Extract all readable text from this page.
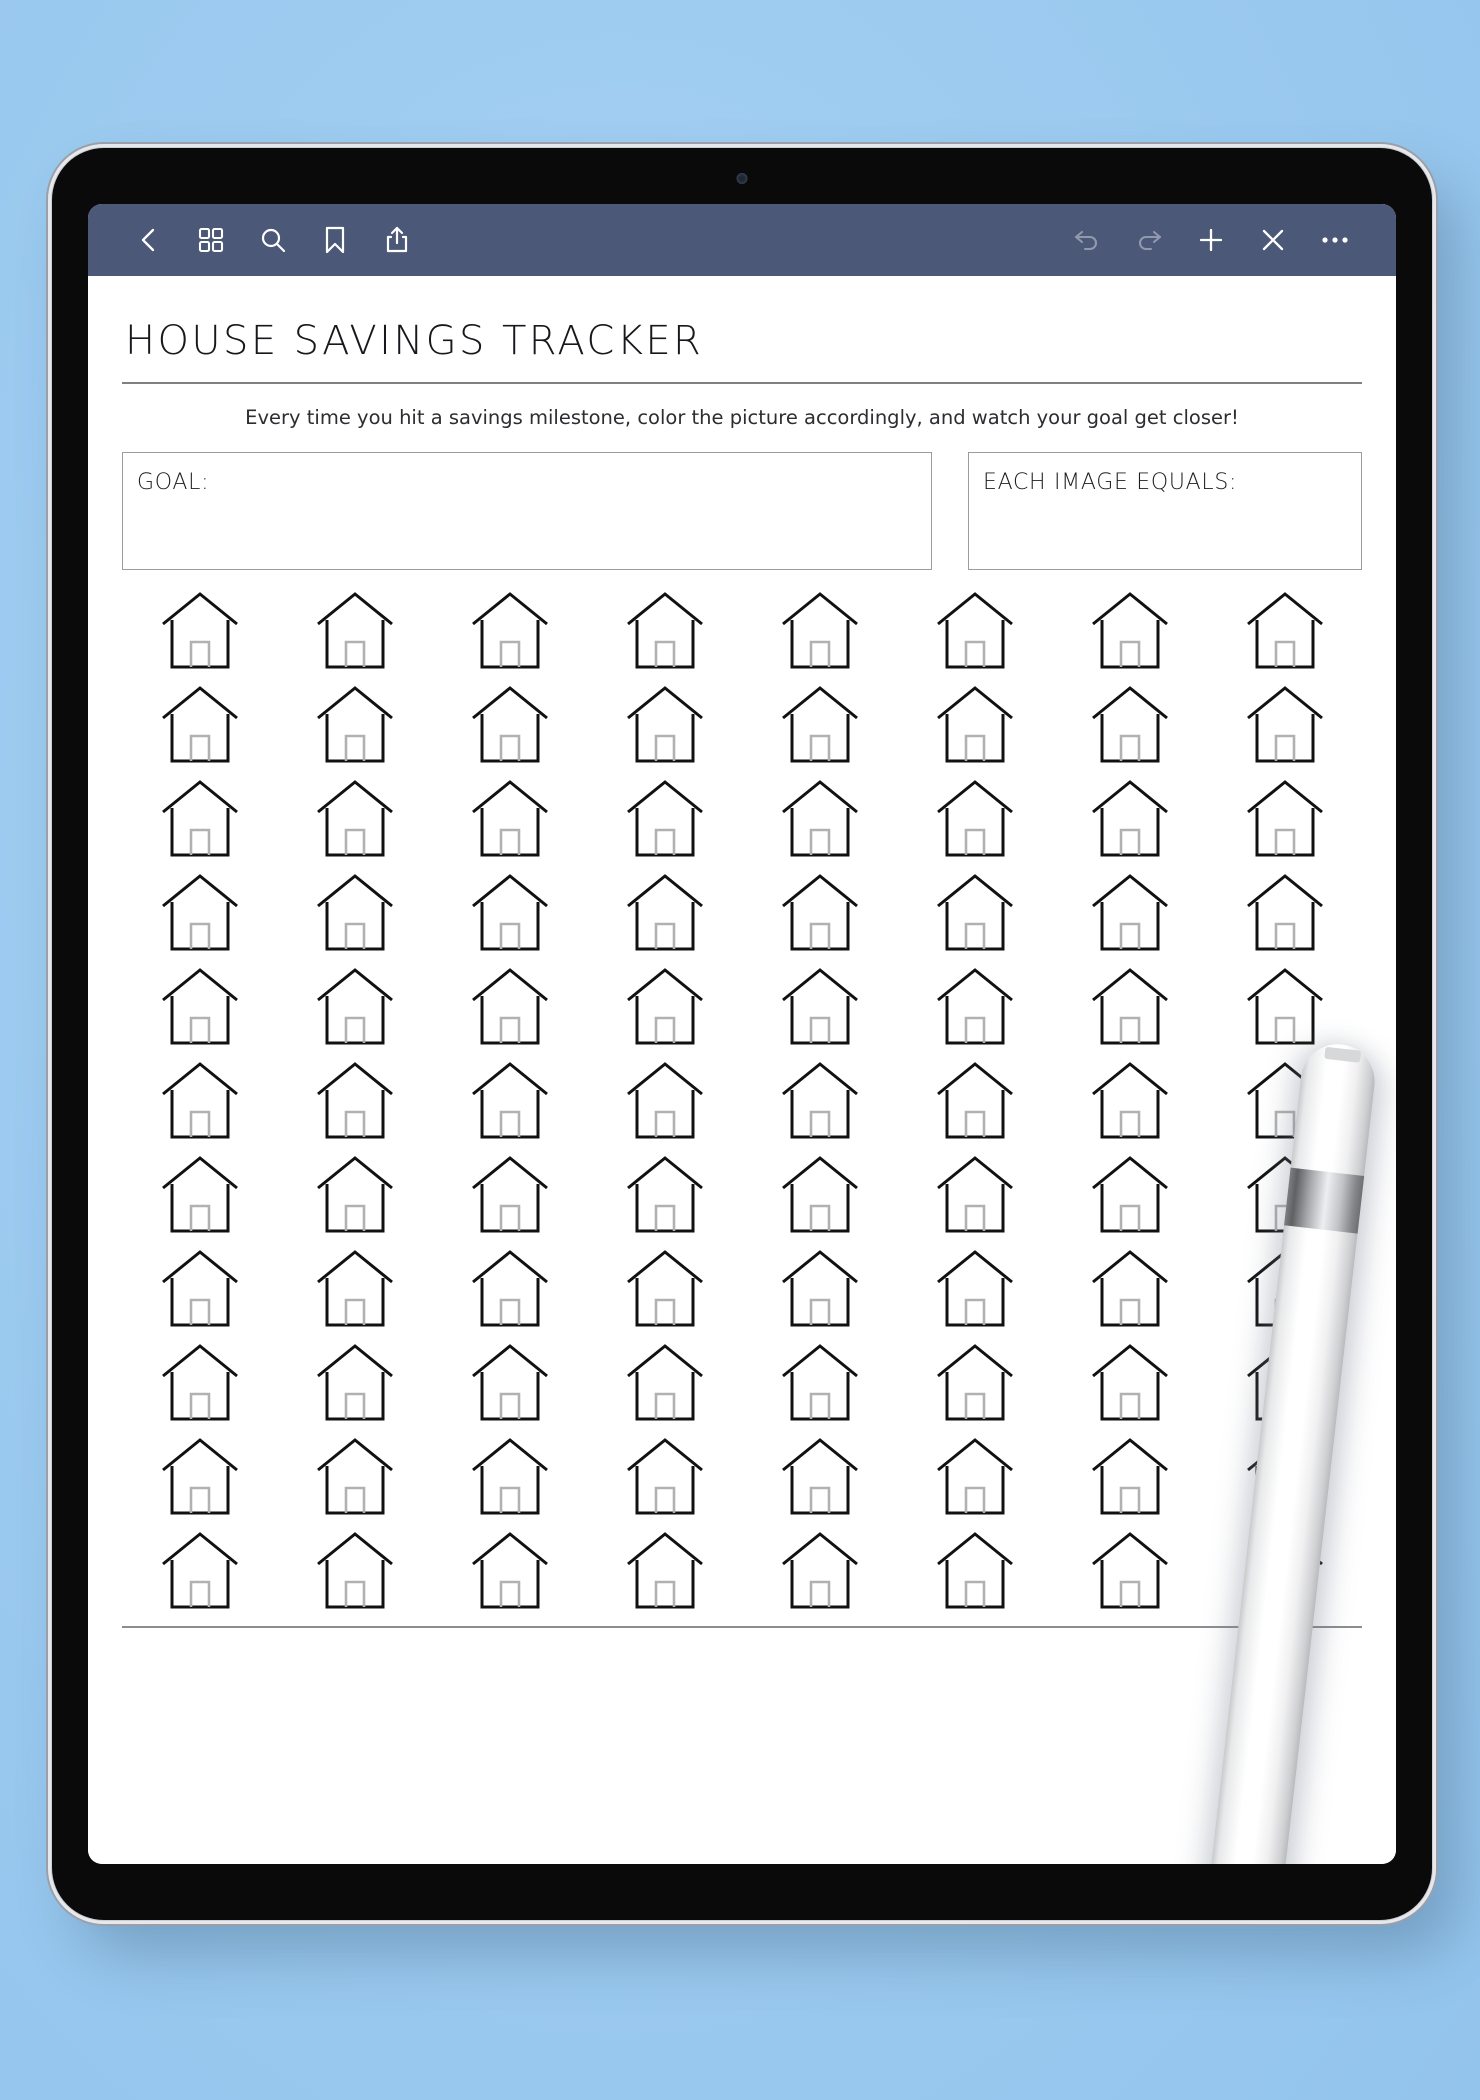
HOUSE SAVINGS TRACKER
Every time you hit a savings milestone, color the picture accordingly, and watch your goal get closer!
GOAL:	EACH IMAGE EQUALS:
